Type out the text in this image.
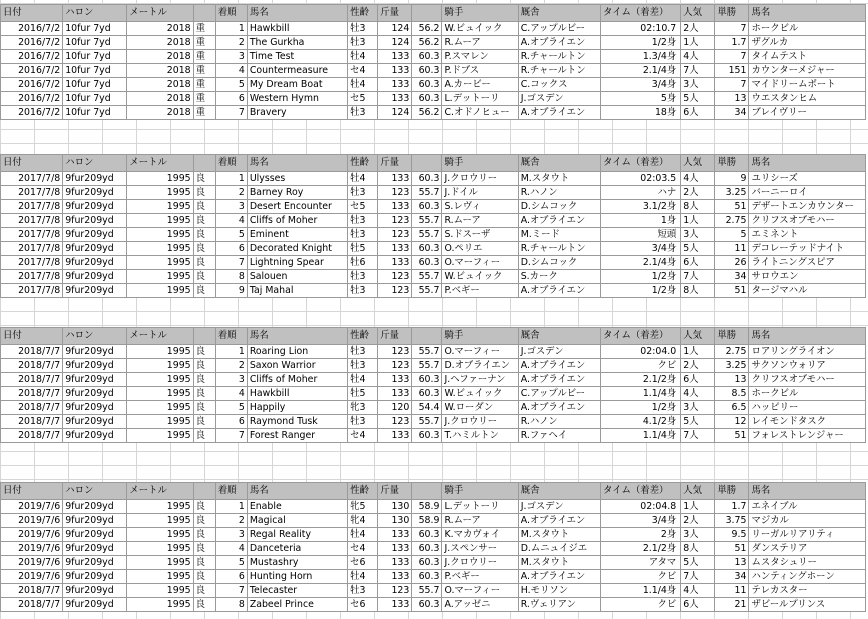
日付	ハロン	メートル		着順	馬名	性齢	斤量		騎手	厩舎	タイム（着差）	人気	単勝	馬名
2016/7/2	10fur 7yd	2018	重	1	Hawkbill	牡3	124	56.2	W.ビュイック	C.アップルビー	02:10.7	2人	7	ホークビル
2016/7/2	10fur 7yd	2018	重	2	The Gurkha	牡3	124	56.2	R.ムーア	A.オブライエン	1/2身	1人	1.7	ザグルカ
2016/7/2	10fur 7yd	2018	重	3	Time Test	牡4	133	60.3	P.スマレン	R.チャールトン	1.3/4身	4人	7	タイムテスト
2016/7/2	10fur 7yd	2018	重	4	Countermeasure	セ4	133	60.3	P.ドブス	R.チャールトン	2.1/4身	7人	151	カウンターメジャー
2016/7/2	10fur 7yd	2018	重	5	My Dream Boat	牡4	133	60.3	A.カービー	C.コックス	3/4身	3人	7	マイドリームボート
2016/7/2	10fur 7yd	2018	重	6	Western Hymn	セ5	133	60.3	L.デットーリ	J.ゴスデン	5身	5人	13	ウエスタンヒム
2016/7/2	10fur 7yd	2018	重	7	Bravery	牡3	124	56.2	C.オドノヒュー	A.オブライエン	18身	6人	34	ブレイヴリー
日付	ハロン	メートル		着順	馬名	性齢	斤量		騎手	厩舎	タイム（着差）	人気	単勝	馬名
2017/7/8	9fur209yd	1995	良	1	Ulysses	牡4	133	60.3	J.クロウリー	M.スタウト	02:03.5	4人	9	ユリシーズ
2017/7/8	9fur209yd	1995	良	2	Barney Roy	牡3	123	55.7	J.ドイル	R.ハノン	ハナ	2人	3.25	バーニーロイ
2017/7/8	9fur209yd	1995	良	3	Desert Encounter	セ5	133	60.3	S.レヴィ	D.シムコック	3.1/2身	8人	51	デザートエンカウンター
2017/7/8	9fur209yd	1995	良	4	Cliffs of Moher	牡3	123	55.7	R.ムーア	A.オブライエン	1身	1人	2.75	クリフスオブモハー
2017/7/8	9fur209yd	1995	良	5	Eminent	牡3	123	55.7	S.ドスーザ	M.ミード	短頭	3人	5	エミネント
2017/7/8	9fur209yd	1995	良	6	Decorated Knight	牡5	133	60.3	O.ペリエ	R.チャールトン	3/4身	5人	11	デコレーテッドナイト
2017/7/8	9fur209yd	1995	良	7	Lightning Spear	牡6	133	60.3	O.マーフィー	D.シムコック	2.1/4身	6人	26	ライトニングスピア
2017/7/8	9fur209yd	1995	良	8	Salouen	牡3	123	55.7	W.ビュイック	S.カーク	1/2身	7人	34	サロウエン
2017/7/8	9fur209yd	1995	良	9	Taj Mahal	牡3	123	55.7	P.ベギー	A.オブライエン	1/2身	8人	51	タージマハル
日付	ハロン	メートル		着順	馬名	性齢	斤量		騎手	厩舎	タイム（着差）	人気	単勝	馬名
2018/7/7	9fur209yd	1995	良	1	Roaring Lion	牡3	123	55.7	O.マーフィー	J.ゴスデン	02:04.0	1人	2.75	ロアリングライオン
2018/7/7	9fur209yd	1995	良	2	Saxon Warrior	牡3	123	55.7	D.オブライエン	A.オブライエン	クビ	2人	3.25	サクソンウォリア
2018/7/7	9fur209yd	1995	良	3	Cliffs of Moher	牡4	133	60.3	J.ヘファーナン	A.オブライエン	2.1/2身	6人	13	クリフスオブモハー
2018/7/7	9fur209yd	1995	良	4	Hawkbill	牡5	133	60.3	W.ビュイック	C.アップルビー	1.1/4身	4人	8.5	ホークビル
2018/7/7	9fur209yd	1995	良	5	Happily	牝3	120	54.4	W.ローダン	A.オブライエン	1/2身	3人	6.5	ハッピリー
2018/7/7	9fur209yd	1995	良	6	Raymond Tusk	牡3	123	55.7	J.クロウリー	R.ハノン	4.1/2身	5人	12	レイモンドタスク
2018/7/7	9fur209yd	1995	良	7	Forest Ranger	セ4	133	60.3	T.ハミルトン	R.ファヘイ	1.1/4身	7人	51	フォレストレンジャー
日付	ハロン	メートル		着順	馬名	性齢	斤量		騎手	厩舎	タイム（着差）	人気	単勝	馬名
2019/7/6	9fur209yd	1995	良	1	Enable	牝5	130	58.9	L.デットーリ	J.ゴスデン	02:04.8	1人	1.7	エネイブル
2019/7/6	9fur209yd	1995	良	2	Magical	牝4	130	58.9	R.ムーア	A.オブライエン	3/4身	2人	3.75	マジカル
2019/7/6	9fur209yd	1995	良	3	Regal Reality	牡4	133	60.3	K.マカヴォイ	M.スタウト	2身	3人	9.5	リーガルリアリティ
2019/7/6	9fur209yd	1995	良	4	Danceteria	セ4	133	60.3	J.スペンサー	D.ムニュイジエ	2.1/2身	8人	51	ダンステリア
2019/7/6	9fur209yd	1995	良	5	Mustashry	セ6	133	60.3	J.クロウリー	M.スタウト	アタマ	5人	13	ムスタシュリー
2019/7/6	9fur209yd	1995	良	6	Hunting Horn	牡4	133	60.3	P.ベギー	A.オブライエン	クビ	7人	34	ハンティングホーン
2018/7/7	9fur209yd	1995	良	7	Telecaster	牡3	123	55.7	O.マーフィー	H.モリソン	1.1/4身	4人	11	テレカスター
2018/7/7	9fur209yd	1995	良	8	Zabeel Prince	セ6	133	60.3	A.アッゼニ	R.ヴェリアン	クビ	6人	21	ザビールプリンス
